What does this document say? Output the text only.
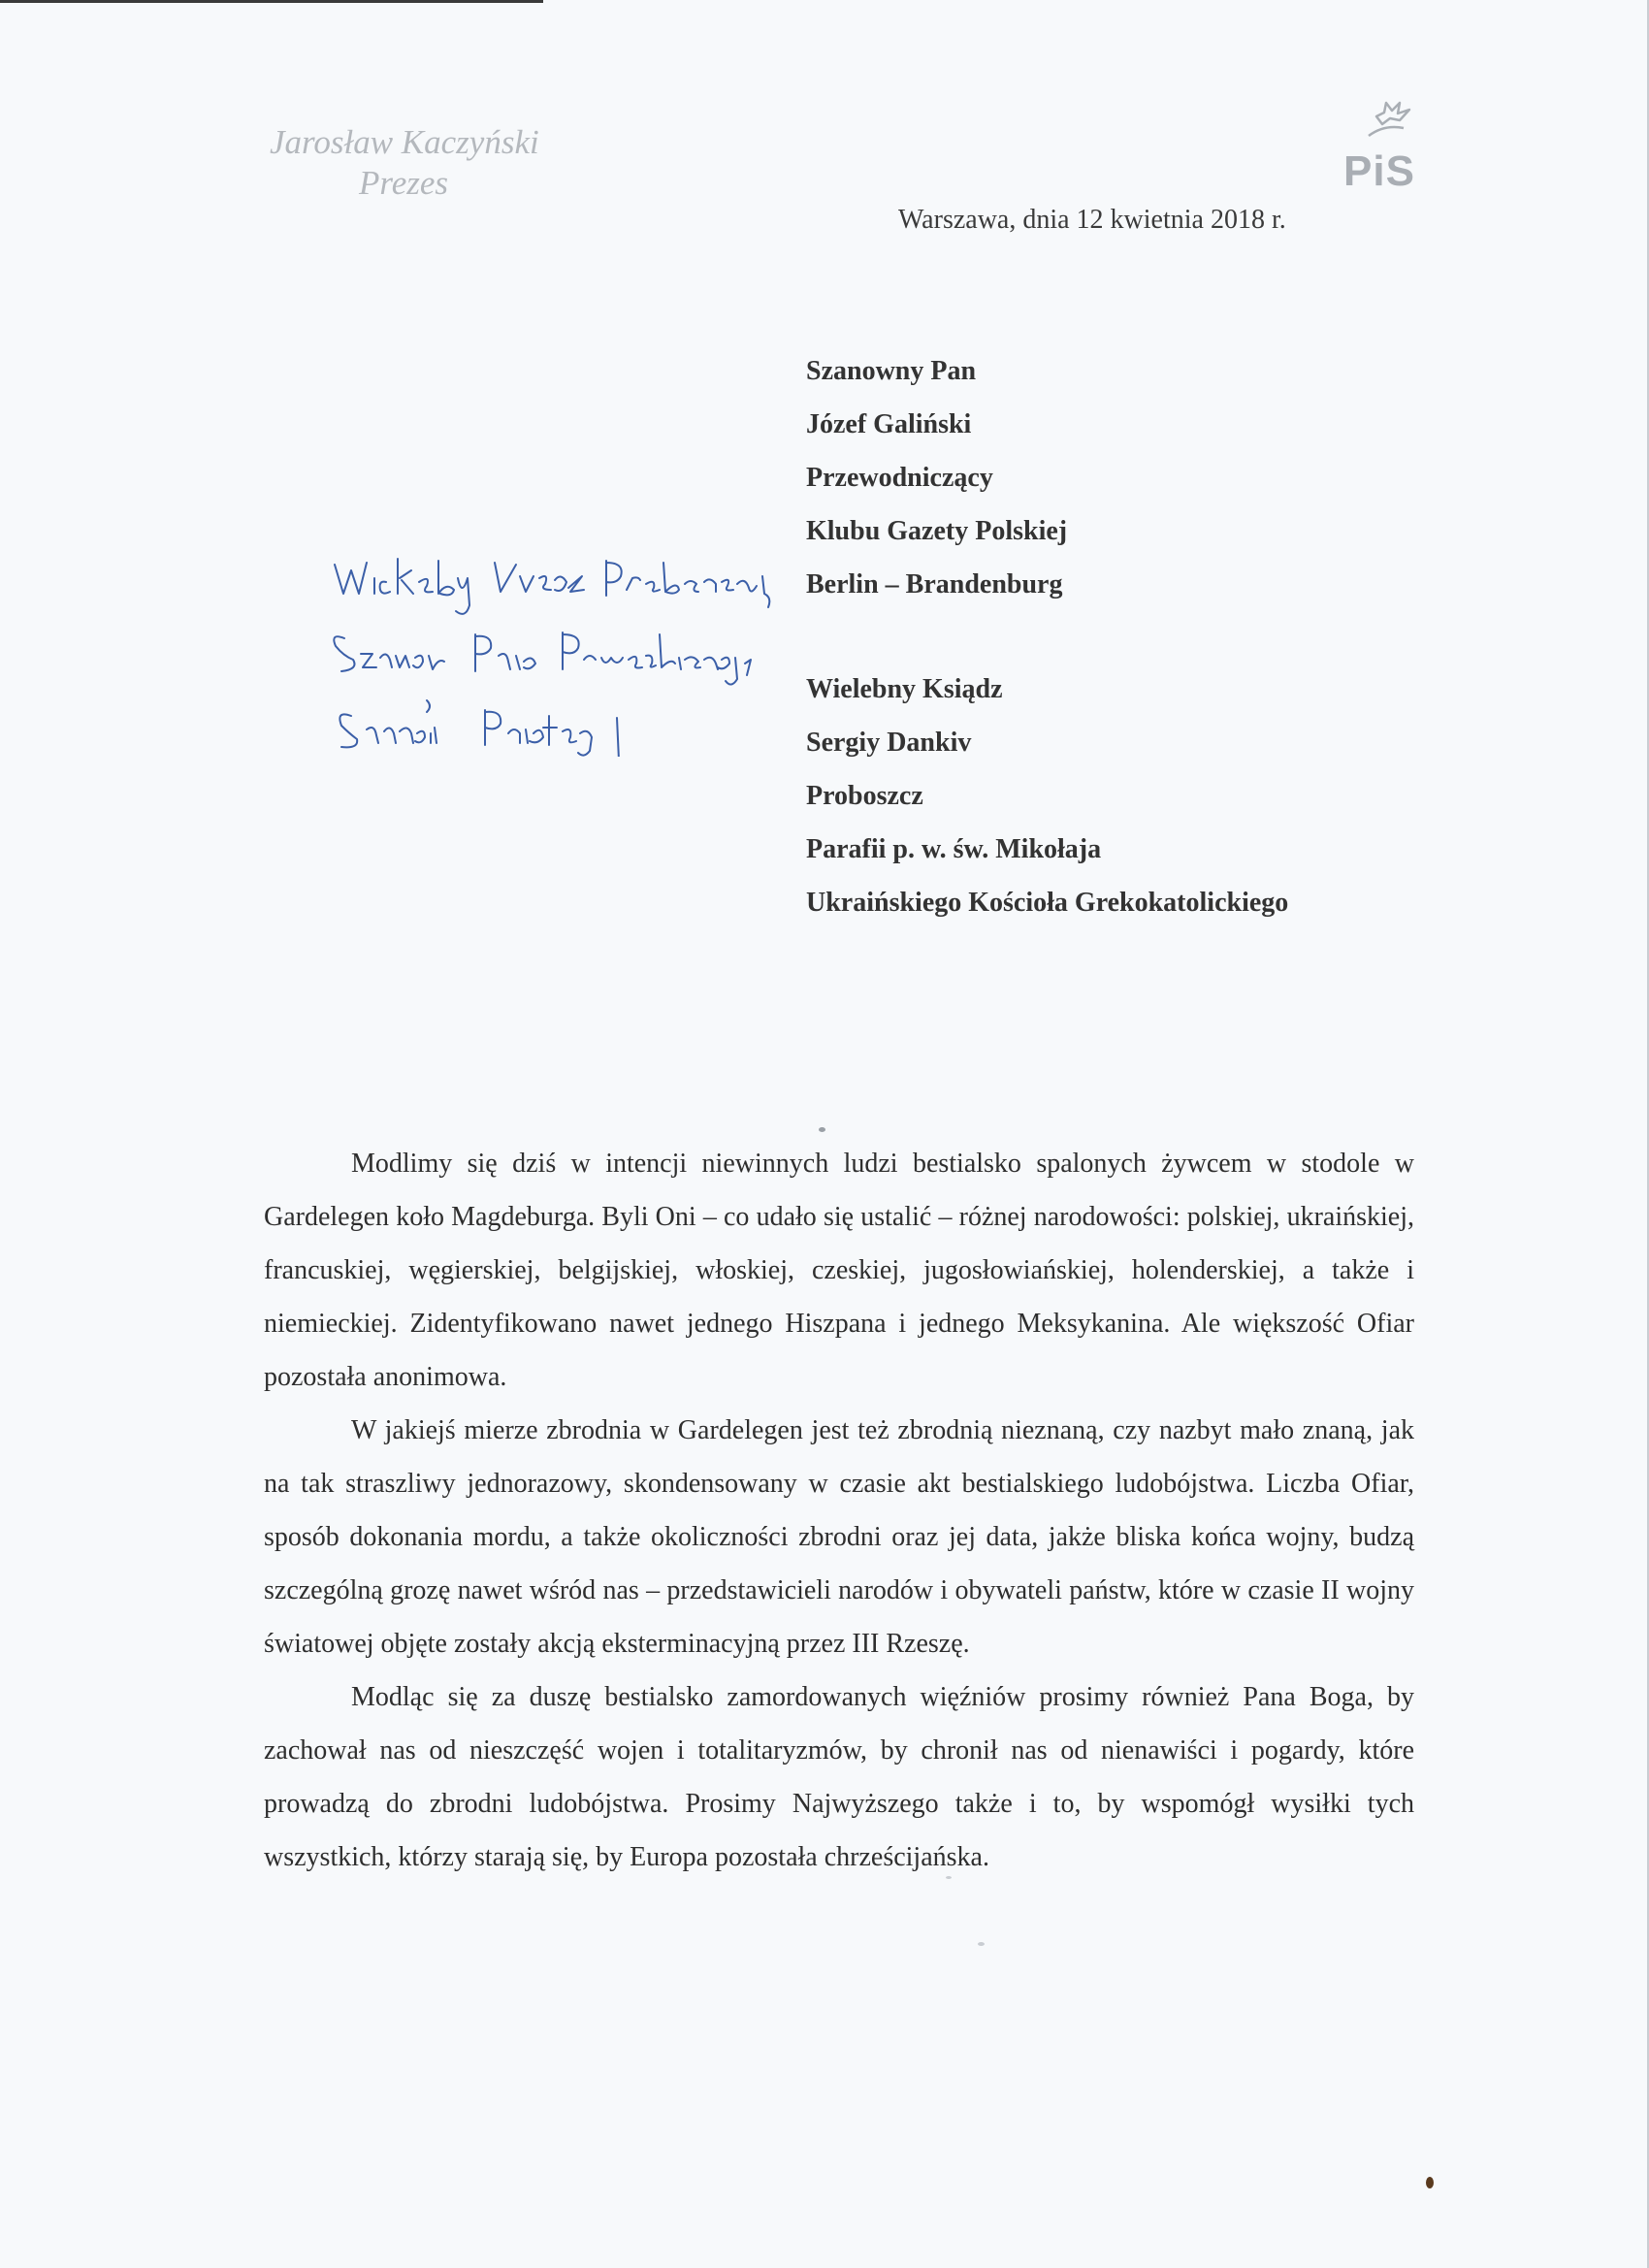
Jarosław Kaczyński
Prezes	PiS
Warszawa, dnia 12 kwietnia 2018 r.
Szanowny Pan
Józef Galiński
Przewodniczący
Klubu Gazety Polskiej
Berlin – Brandenburg
Wielebny Ksiądz
Sergiy Dankiv
Proboszcz
Parafii p. w. św. Mikołaja
Ukraińskiego Kościoła Grekokatolickiego

Modlimy się dziś w intencji niewinnych ludzi bestialsko spalonych żywcem w stodole w Gardelegen koło Magdeburga. Byli Oni – co udało się ustalić – różnej narodowości: polskiej, ukraińskiej, francuskiej, węgierskiej, belgijskiej, włoskiej, czeskiej, jugosłowiańskiej, holenderskiej, a także i niemieckiej. Zidentyfikowano nawet jednego Hiszpana i jednego Meksykanina. Ale większość Ofiar pozostała anonimowa.

W jakiejś mierze zbrodnia w Gardelegen jest też zbrodnią nieznaną, czy nazbyt mało znaną, jak na tak straszliwy jednorazowy, skondensowany w czasie akt bestialskiego ludobójstwa. Liczba Ofiar, sposób dokonania mordu, a także okoliczności zbrodni oraz jej data, jakże bliska końca wojny, budzą szczególną grozę nawet wśród nas – przedstawicieli narodów i obywateli państw, które w czasie II wojny światowej objęte zostały akcją eksterminacyjną przez III Rzeszę.

Modląc się za duszę bestialsko zamordowanych więźniów prosimy również Pana Boga, by zachował nas od nieszczęść wojen i totalitaryzmów, by chronił nas od nienawiści i pogardy, które prowadzą do zbrodni ludobójstwa. Prosimy Najwyższego także i to, by wspomógł wysiłki tych wszystkich, którzy starają się, by Europa pozostała chrześcijańska.
